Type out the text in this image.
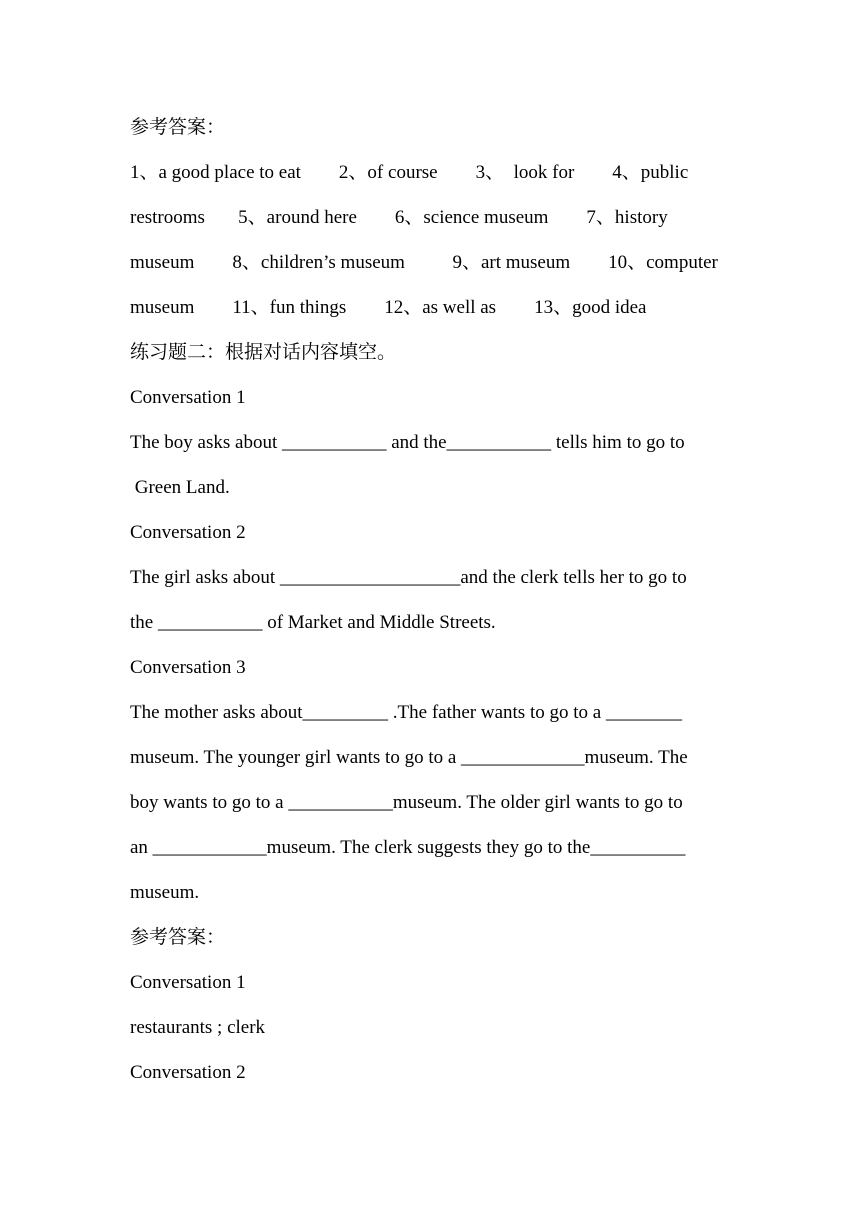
参考答案：
1、a good place to eat        2、of course        3、  look for        4、public
restrooms       5、around here        6、science museum        7、history
museum        8、children’s museum          9、art museum        10、computer
museum        11、fun things        12、as well as        13、good idea
练习题二：根据对话内容填空。
Conversation 1
The boy asks about ___________ and the___________ tells him to go to
Green Land.
Conversation 2
The girl asks about ___________________and the clerk tells her to go to
the ___________ of Market and Middle Streets.
Conversation 3
The mother asks about_________ .The father wants to go to a ________
museum. The younger girl wants to go to a _____________museum. The
boy wants to go to a ___________museum. The older girl wants to go to
an ____________museum. The clerk suggests they go to the__________
museum.
参考答案：
Conversation 1
restaurants ; clerk
Conversation 2
